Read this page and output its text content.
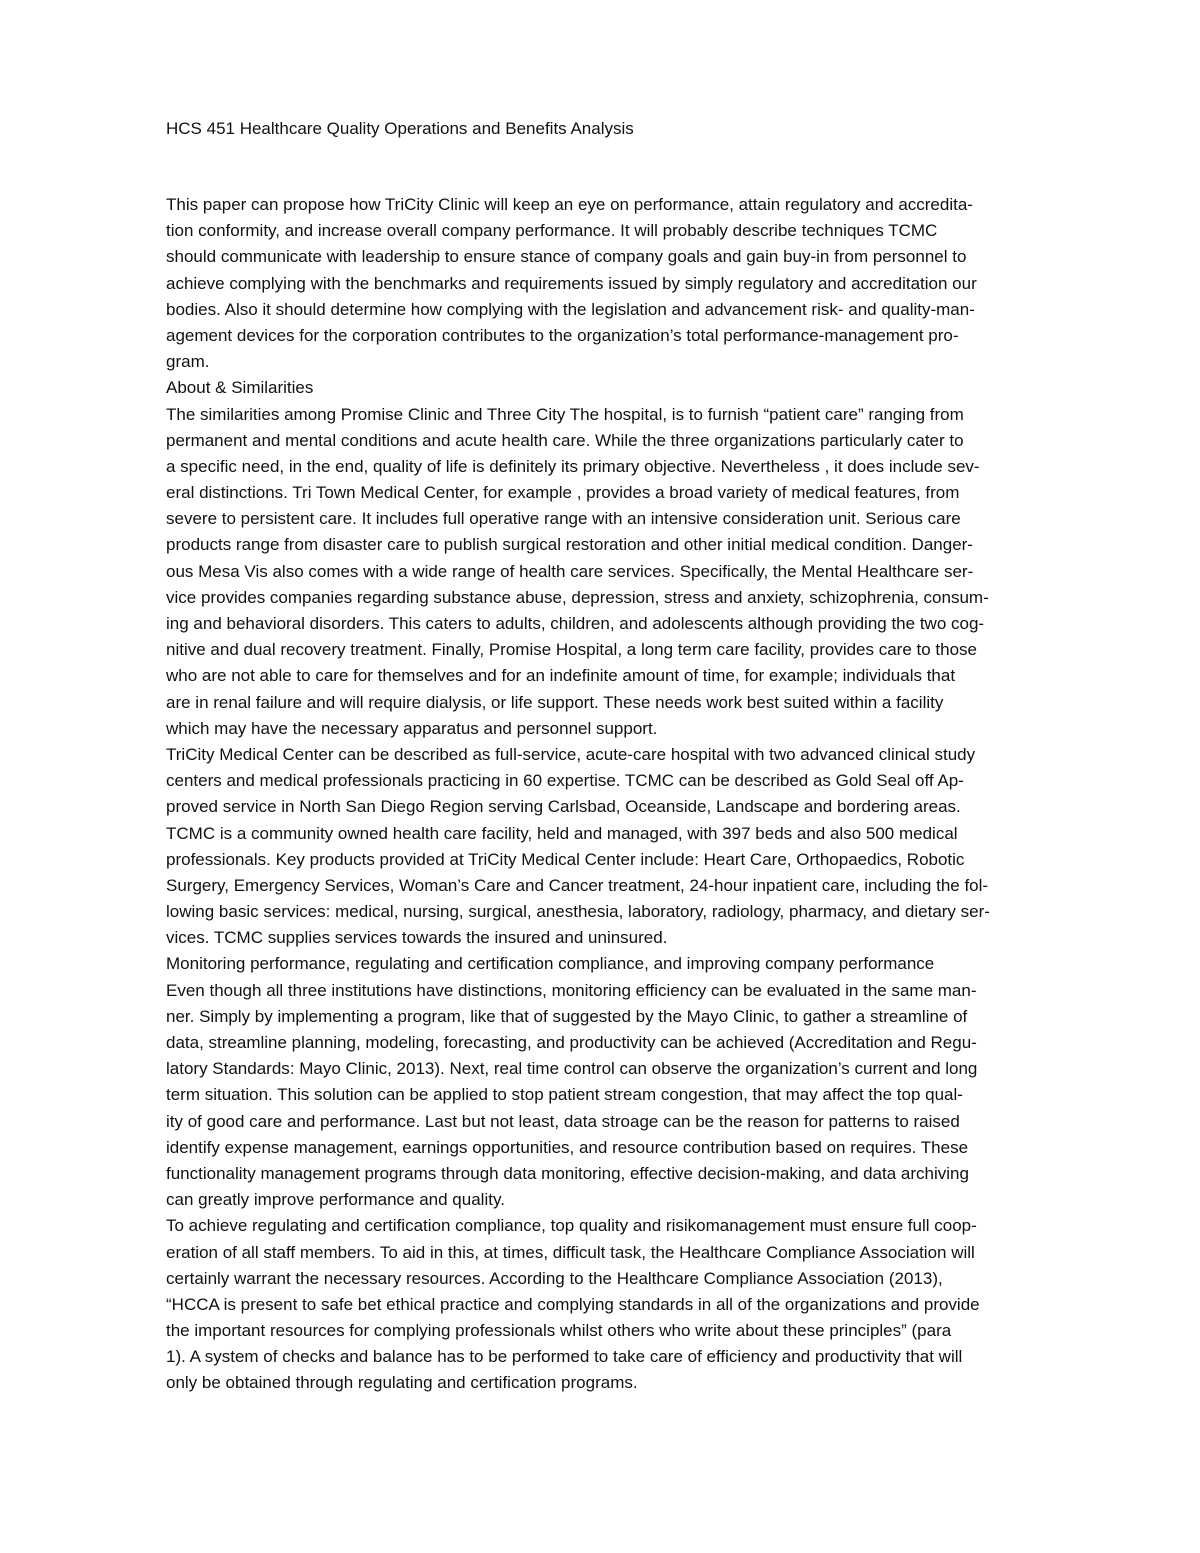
HCS 451 Healthcare Quality Operations and Benefits Analysis
This paper can propose how TriCity Clinic will keep an eye on performance, attain regulatory and accredita-
tion conformity, and increase overall company performance. It will probably describe techniques TCMC
should communicate with leadership to ensure stance of company goals and gain buy-in from personnel to
achieve complying with the benchmarks and requirements issued by simply regulatory and accreditation our
bodies. Also it should determine how complying with the legislation and advancement risk- and quality-man-
agement devices for the corporation contributes to the organization’s total performance-management pro-
gram.
About & Similarities
The similarities among Promise Clinic and Three City The hospital, is to furnish “patient care” ranging from
permanent and mental conditions and acute health care. While the three organizations particularly cater to
a specific need, in the end, quality of life is definitely its primary objective. Nevertheless , it does include sev-
eral distinctions. Tri Town Medical Center, for example , provides a broad variety of medical features, from
severe to persistent care. It includes full operative range with an intensive consideration unit. Serious care
products range from disaster care to publish surgical restoration and other initial medical condition. Danger-
ous Mesa Vis also comes with a wide range of health care services. Specifically, the Mental Healthcare ser-
vice provides companies regarding substance abuse, depression, stress and anxiety, schizophrenia, consum-
ing and behavioral disorders. This caters to adults, children, and adolescents although providing the two cog-
nitive and dual recovery treatment. Finally, Promise Hospital, a long term care facility, provides care to those
who are not able to care for themselves and for an indefinite amount of time, for example; individuals that
are in renal failure and will require dialysis, or life support. These needs work best suited within a facility
which may have the necessary apparatus and personnel support.
TriCity Medical Center can be described as full-service, acute-care hospital with two advanced clinical study
centers and medical professionals practicing in 60 expertise. TCMC can be described as Gold Seal off Ap-
proved service in North San Diego Region serving Carlsbad, Oceanside, Landscape and bordering areas.
TCMC is a community owned health care facility, held and managed, with 397 beds and also 500 medical
professionals. Key products provided at TriCity Medical Center include: Heart Care, Orthopaedics, Robotic
Surgery, Emergency Services, Woman’s Care and Cancer treatment, 24-hour inpatient care, including the fol-
lowing basic services: medical, nursing, surgical, anesthesia, laboratory, radiology, pharmacy, and dietary ser-
vices. TCMC supplies services towards the insured and uninsured.
Monitoring performance, regulating and certification compliance, and improving company performance
Even though all three institutions have distinctions, monitoring efficiency can be evaluated in the same man-
ner. Simply by implementing a program, like that of suggested by the Mayo Clinic, to gather a streamline of
data, streamline planning, modeling, forecasting, and productivity can be achieved (Accreditation and Regu-
latory Standards: Mayo Clinic, 2013). Next, real time control can observe the organization’s current and long
term situation. This solution can be applied to stop patient stream congestion, that may affect the top qual-
ity of good care and performance. Last but not least, data stroage can be the reason for patterns to raised
identify expense management, earnings opportunities, and resource contribution based on requires. These
functionality management programs through data monitoring, effective decision-making, and data archiving
can greatly improve performance and quality.
To achieve regulating and certification compliance, top quality and risikomanagement must ensure full coop-
eration of all staff members. To aid in this, at times, difficult task, the Healthcare Compliance Association will
certainly warrant the necessary resources. According to the Healthcare Compliance Association (2013),
“HCCA is present to safe bet ethical practice and complying standards in all of the organizations and provide
the important resources for complying professionals whilst others who write about these principles” (para
1). A system of checks and balance has to be performed to take care of efficiency and productivity that will
only be obtained through regulating and certification programs.
